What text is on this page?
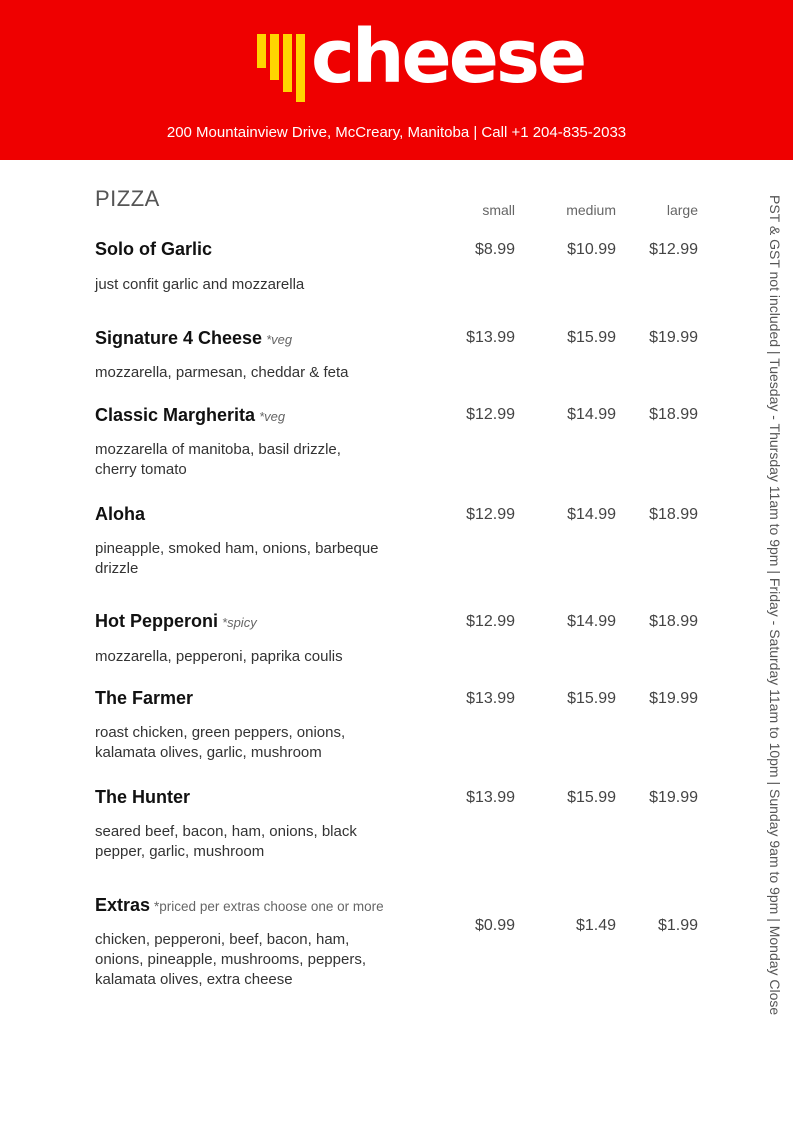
cheese
200 Mountainview Drive, McCreary, Manitoba | Call +1 204-835-2033
PIZZA	small	medium	large
Solo of Garlic
just confit garlic and mozzarella
$8.99	$10.99	$12.99
Signature 4 Cheese *veg
mozzarella, parmesan, cheddar & feta
$13.99	$15.99	$19.99
Classic Margherita *veg
mozzarella of manitoba, basil drizzle, cherry tomato
$12.99	$14.99	$18.99
Aloha
pineapple, smoked ham, onions, barbeque drizzle
$12.99	$14.99	$18.99
Hot Pepperoni *spicy
mozzarella, pepperoni, paprika coulis
$12.99	$14.99	$18.99
The Farmer
roast chicken, green peppers, onions, kalamata olives, garlic, mushroom
$13.99	$15.99	$19.99
The Hunter
seared beef, bacon, ham, onions, black pepper, garlic, mushroom
$13.99	$15.99	$19.99
Extras *priced per extras choose one or more
chicken, pepperoni, beef, bacon, ham, onions, pineapple, mushrooms, peppers, kalamata olives, extra cheese
$0.99	$1.49	$1.99	PST & GST not included | Tuesday - Thursday 11am to 9pm | Friday - Saturday 11am to 10pm | Sunday 9am to 9pm | Monday Close
